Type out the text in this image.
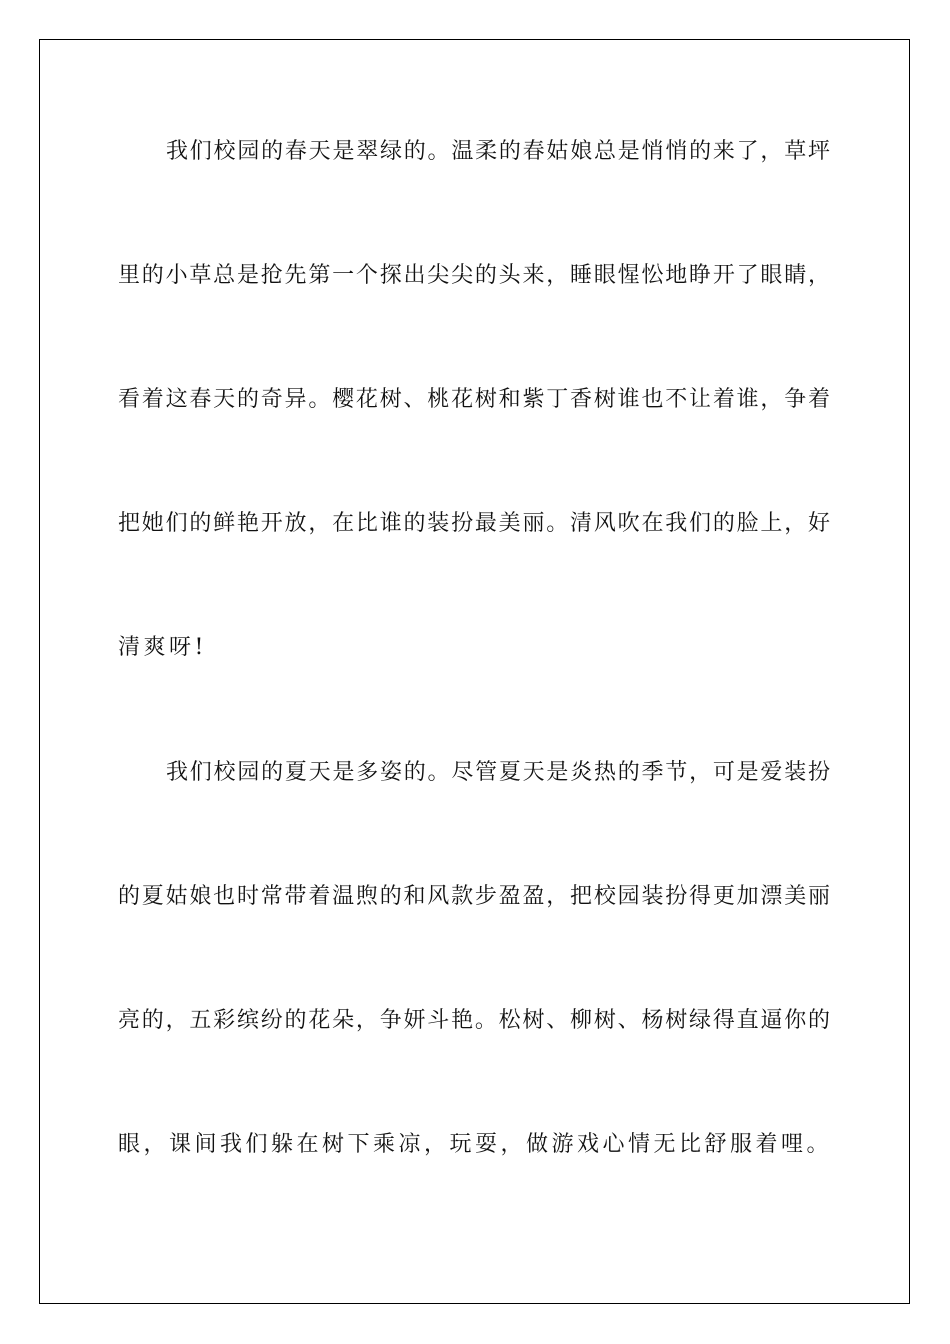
我们校园的春天是翠绿的。温柔的春姑娘总是悄悄的来了，草坪
里的小草总是抢先第一个探出尖尖的头来，睡眼惺忪地睁开了眼睛，
看着这春天的奇异。樱花树、桃花树和紫丁香树谁也不让着谁，争着
把她们的鲜艳开放，在比谁的装扮最美丽。清风吹在我们的脸上，好
清爽呀!
我们校园的夏天是多姿的。尽管夏天是炎热的季节，可是爱装扮
的夏姑娘也时常带着温煦的和风款步盈盈，把校园装扮得更加漂美丽
亮的，五彩缤纷的花朵，争妍斗艳。松树、柳树、杨树绿得直逼你的
眼，课间我们躲在树下乘凉，玩耍，做游戏心情无比舒服着哩。
